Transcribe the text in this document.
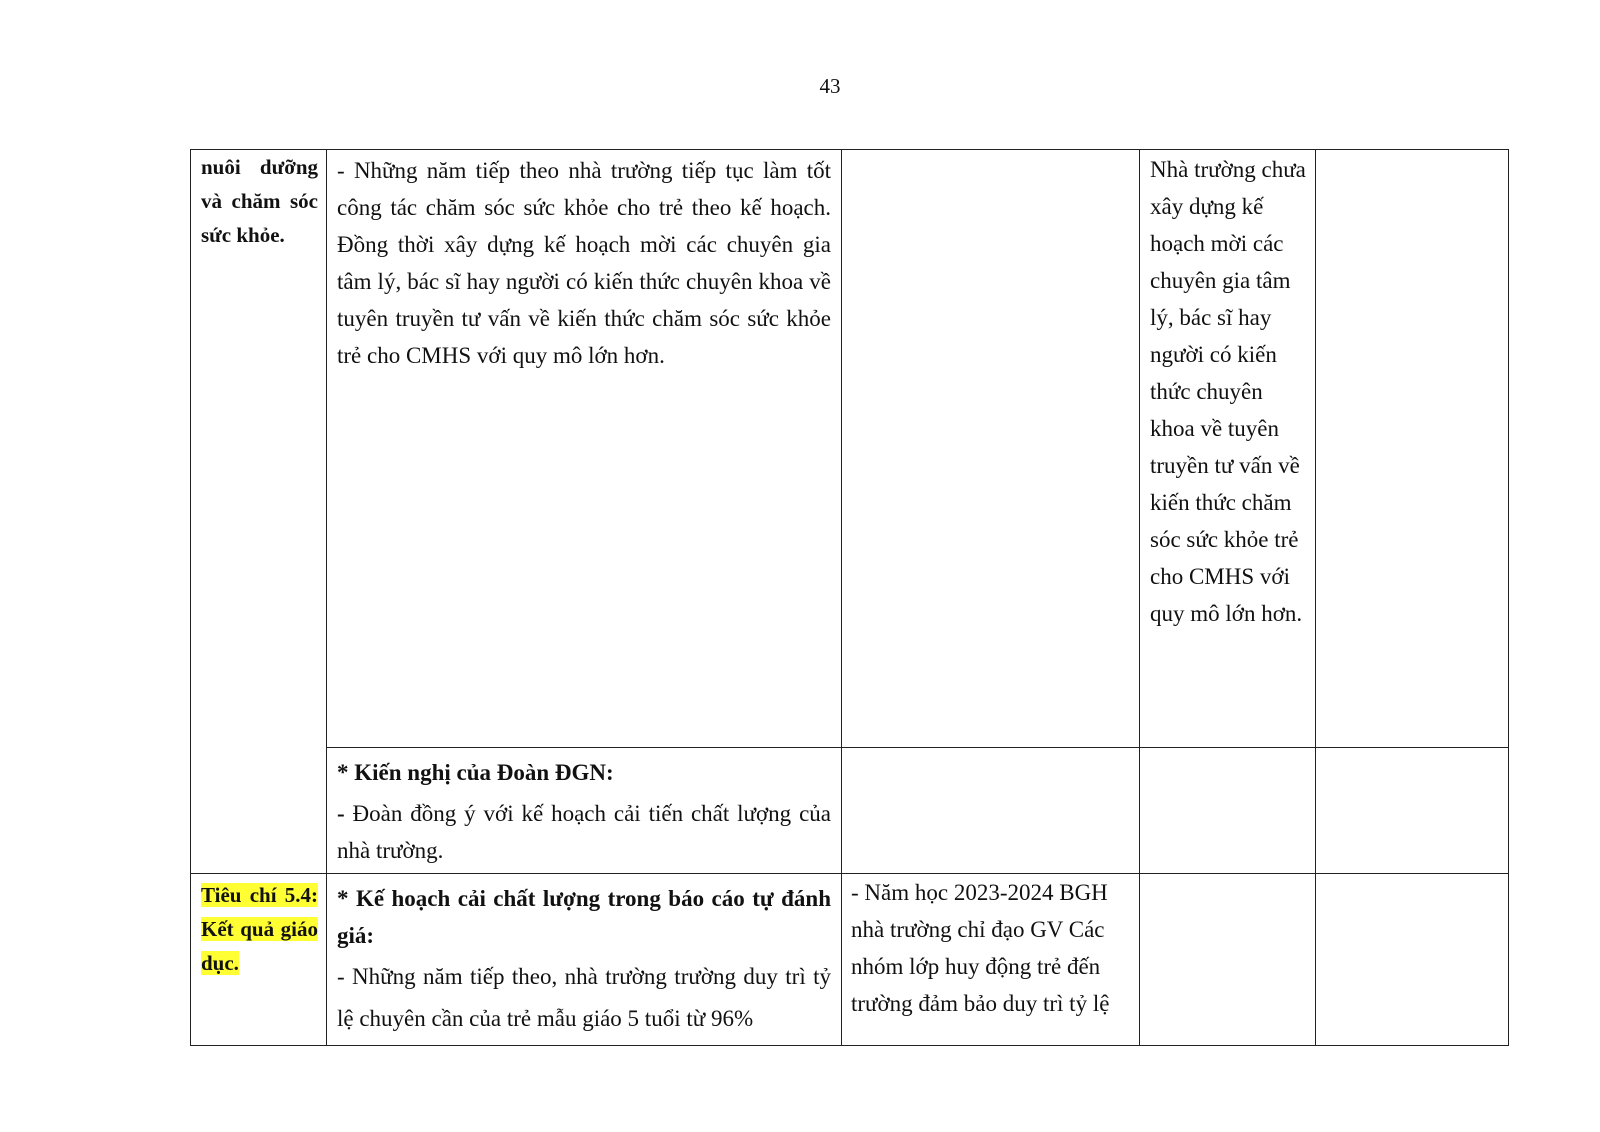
43
nuôi dưỡng và chăm sóc sức khỏe.	- Những năm tiếp theo nhà trường tiếp tục làm tốt công tác chăm sóc sức khỏe cho trẻ theo kế hoạch. Đồng thời xây dựng kế hoạch mời các chuyên gia tâm lý, bác sĩ hay người có kiến thức chuyên khoa về tuyên truyền tư vấn về kiến thức chăm sóc sức khỏe trẻ cho CMHS với quy mô lớn hơn.		Nhà trường chưa xây dựng kế hoạch mời các chuyên gia tâm lý, bác sĩ hay người có kiến thức chuyên khoa về tuyên truyền tư vấn về kiến thức chăm sóc sức khỏe trẻ cho CMHS với quy mô lớn hơn.	

	* Kiến nghị của Đoàn ĐGN:

- Đoàn đồng ý với kế hoạch cải tiến chất lượng của nhà trường.			

Tiêu chí 5.4: Kết quả giáo dục.	* Kế hoạch cải chất lượng trong báo cáo tự đánh giá:

- Những năm tiếp theo, nhà trường trường duy trì tỷ lệ chuyên cần của trẻ mẫu giáo 5 tuổi từ 96%	- Năm học 2023-2024 BGH nhà trường chỉ đạo GV Các nhóm lớp huy động trẻ đến trường đảm bảo duy trì tỷ lệ		
